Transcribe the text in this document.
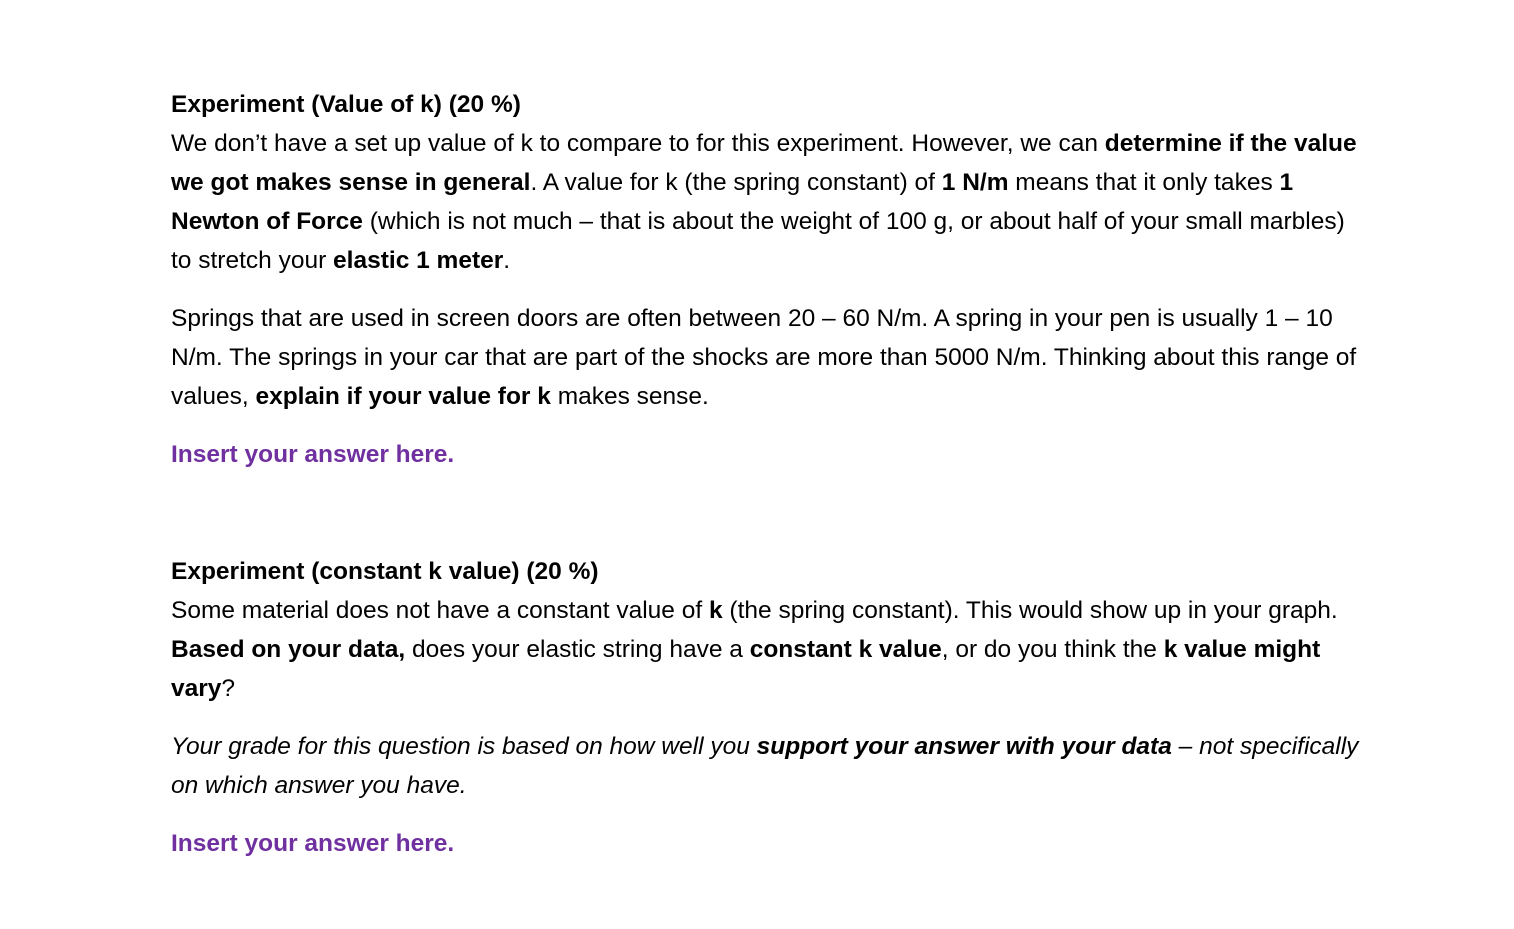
Experiment (Value of k) (20 %)

We don’t have a set up value of k to compare to for this experiment. However, we can determine if the value we got makes sense in general. A value for k (the spring constant) of 1 N/m means that it only takes 1 Newton of Force (which is not much – that is about the weight of 100 g, or about half of your small marbles) to stretch your elastic 1 meter.

Springs that are used in screen doors are often between 20 – 60 N/m. A spring in your pen is usually 1 – 10 N/m. The springs in your car that are part of the shocks are more than 5000 N/m. Thinking about this range of values, explain if your value for k makes sense.

Insert your answer here.

Experiment (constant k value) (20 %)

Some material does not have a constant value of k (the spring constant). This would show up in your graph. Based on your data, does your elastic string have a constant k value, or do you think the k value might vary?

Your grade for this question is based on how well you support your answer with your data – not specifically on which answer you have.

Insert your answer here.
